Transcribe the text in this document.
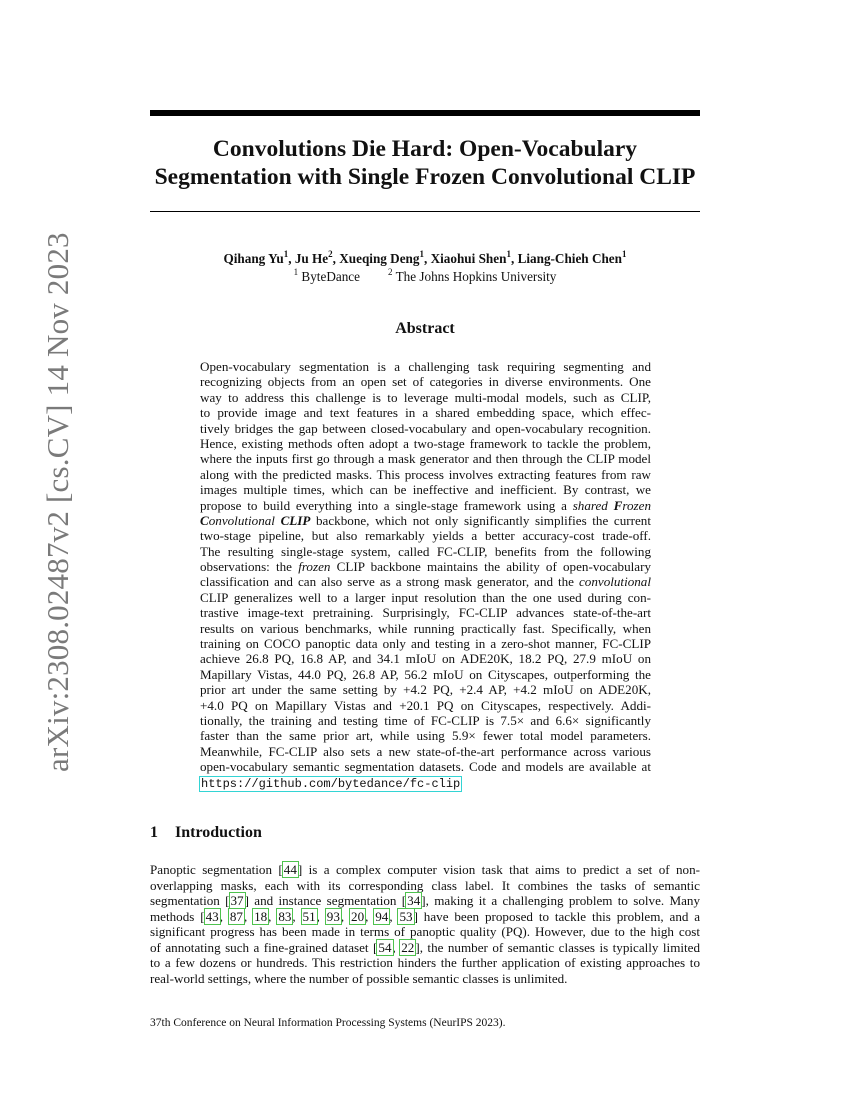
arXiv:2308.02487v2 [cs.CV] 14 Nov 2023
Convolutions Die Hard: Open-Vocabulary
Segmentation with Single Frozen Convolutional CLIP
Qihang Yu$^1$, Ju He$^2$, Xueqing Deng$^1$, Xiaohui Shen$^1$, Liang-Chieh Chen$^1$
$^1$ ByteDance	$^2$ The Johns Hopkins University
Abstract
Open-vocabulary segmentation is a challenging task requiring segmenting and
recognizing objects from an open set of categories in diverse environments. One
way to address this challenge is to leverage multi-modal models, such as CLIP,
to provide image and text features in a shared embedding space, which effec-
tively bridges the gap between closed-vocabulary and open-vocabulary recognition.
Hence, existing methods often adopt a two-stage framework to tackle the problem,
where the inputs first go through a mask generator and then through the CLIP model
along with the predicted masks. This process involves extracting features from raw
images multiple times, which can be ineffective and inefficient. By contrast, we
propose to build everything into a single-stage framework using a shared Frozen
Convolutional CLIP backbone, which not only significantly simplifies the current
two-stage pipeline, but also remarkably yields a better accuracy-cost trade-off.
The resulting single-stage system, called FC-CLIP, benefits from the following
observations: the frozen CLIP backbone maintains the ability of open-vocabulary
classification and can also serve as a strong mask generator, and the convolutional
CLIP generalizes well to a larger input resolution than the one used during con-
trastive image-text pretraining. Surprisingly, FC-CLIP advances state-of-the-art
results on various benchmarks, while running practically fast. Specifically, when
training on COCO panoptic data only and testing in a zero-shot manner, FC-CLIP
achieve 26.8 PQ, 16.8 AP, and 34.1 mIoU on ADE20K, 18.2 PQ, 27.9 mIoU on
Mapillary Vistas, 44.0 PQ, 26.8 AP, 56.2 mIoU on Cityscapes, outperforming the
prior art under the same setting by +4.2 PQ, +2.4 AP, +4.2 mIoU on ADE20K,
+4.0 PQ on Mapillary Vistas and +20.1 PQ on Cityscapes, respectively. Addi-
tionally, the training and testing time of FC-CLIP is 7.5× and 6.6× significantly
faster than the same prior art, while using 5.9× fewer total model parameters.
Meanwhile, FC-CLIP also sets a new state-of-the-art performance across various
open-vocabulary semantic segmentation datasets. Code and models are available at
https://github.com/bytedance/fc-clip
1 Introduction
Panoptic segmentation [44] is a complex computer vision task that aims to predict a set of non-
overlapping masks, each with its corresponding class label. It combines the tasks of semantic
segmentation [37] and instance segmentation [34], making it a challenging problem to solve. Many
methods [43, 87, 18, 83, 51, 93, 20, 94, 53] have been proposed to tackle this problem, and a
significant progress has been made in terms of panoptic quality (PQ). However, due to the high cost
of annotating such a fine-grained dataset [54, 22], the number of semantic classes is typically limited
to a few dozens or hundreds. This restriction hinders the further application of existing approaches to
real-world settings, where the number of possible semantic classes is unlimited.
37th Conference on Neural Information Processing Systems (NeurIPS 2023).
